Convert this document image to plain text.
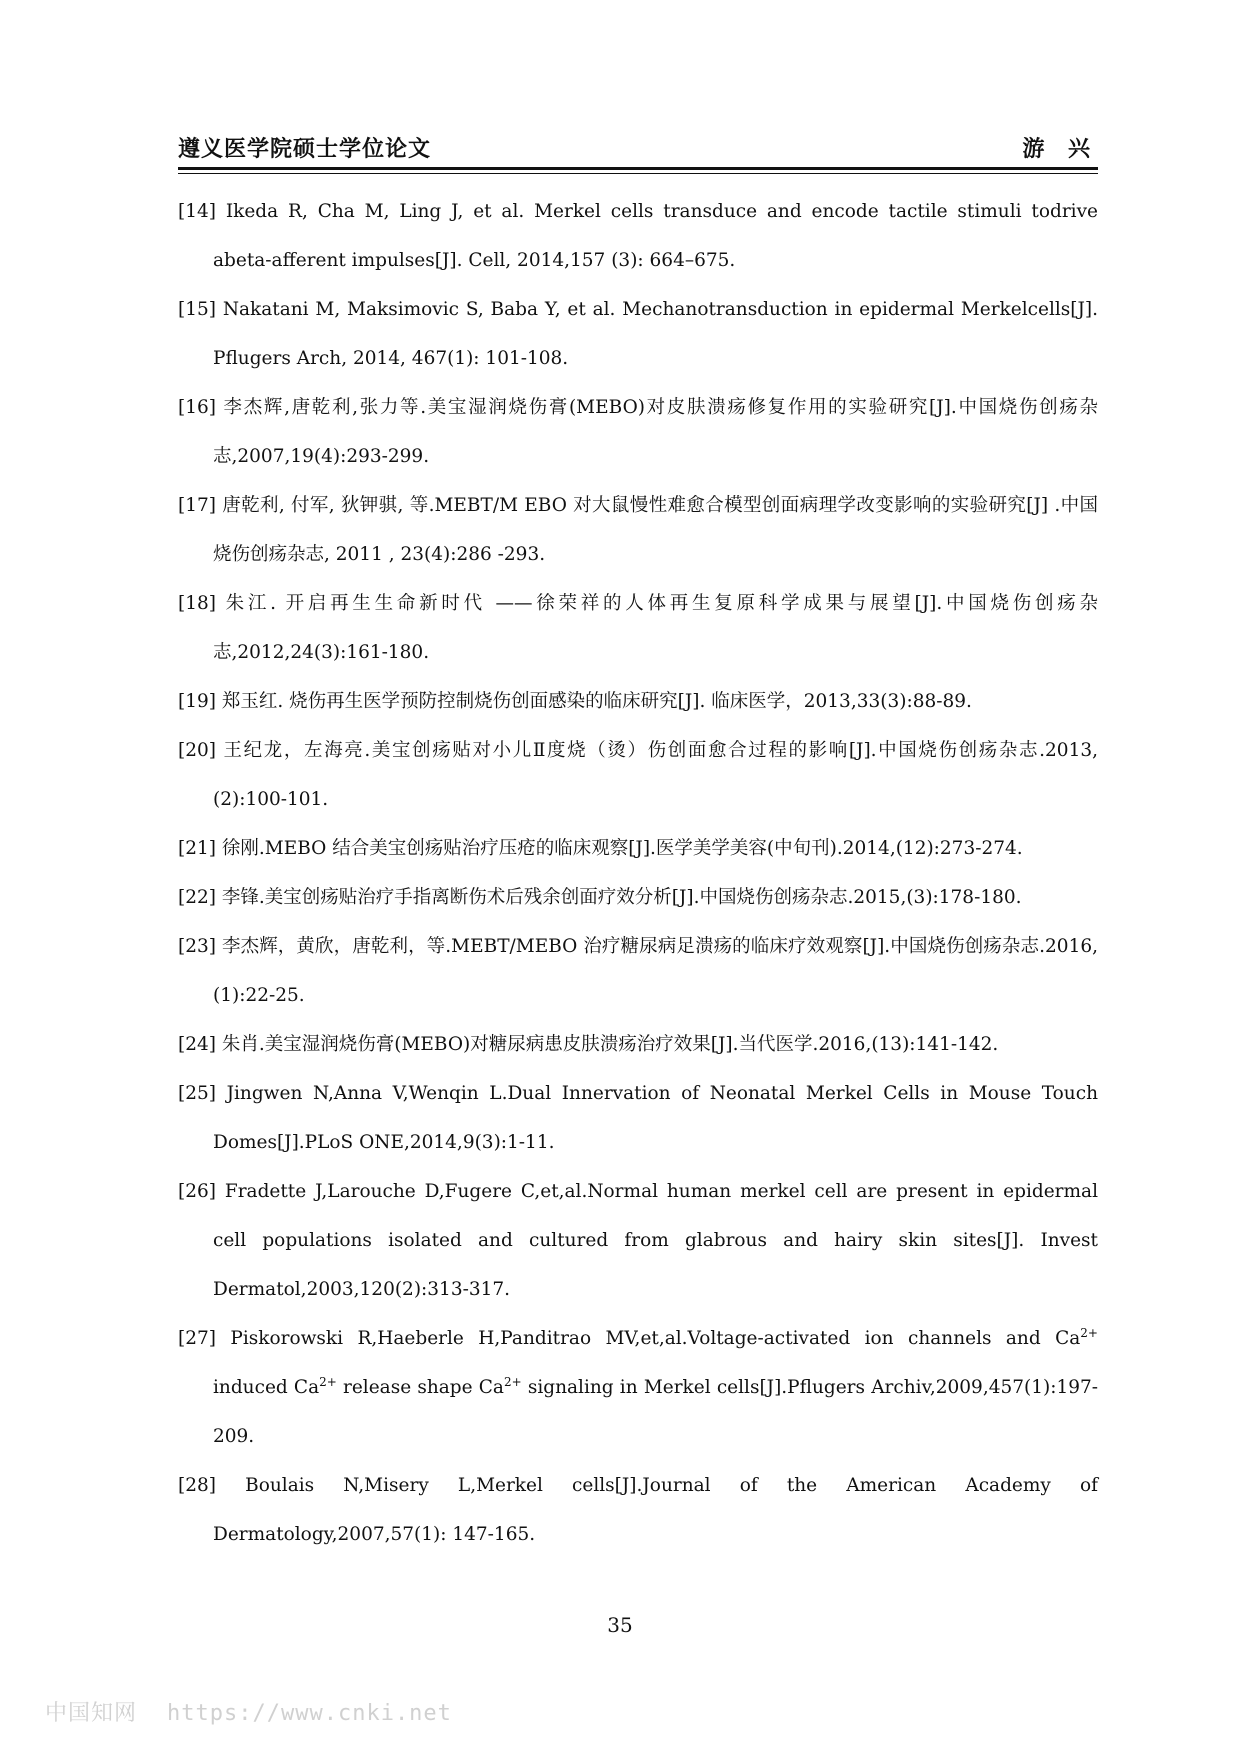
遵义医学院硕士学位论文	游 兴
[14] Ikeda R, Cha M, Ling J, et al. Merkel cells transduce and encode tactile stimuli todrive abeta-afferent impulses[J]. Cell, 2014,157 (3): 664–675.
[15] Nakatani M, Maksimovic S, Baba Y, et al. Mechanotransduction in epidermal Merkelcells[J]. Pflugers Arch, 2014, 467(1): 101-108.
[16] 李杰辉,唐乾利,张力等.美宝湿润烧伤膏(MEBO)对皮肤溃疡修复作用的实验研究[J].中国烧伤创疡杂志,2007,19(4):293-299.
[17] 唐乾利, 付军, 狄钾骐, 等.MEBT/M EBO 对大鼠慢性难愈合模型创面病理学改变影响的实验研究[J] .中国烧伤创疡杂志, 2011 , 23(4):286 -293.
[18] 朱江. 开启再生生命新时代 ——徐荣祥的人体再生复原科学成果与展望[J].中国烧伤创疡杂志,2012,24(3):161-180.
[19] 郑玉红. 烧伤再生医学预防控制烧伤创面感染的临床研究[J]. 临床医学，2013,33(3):88-89.
[20] 王纪龙，左海亮.美宝创疡贴对小儿Ⅱ度烧（烫）伤创面愈合过程的影响[J].中国烧伤创疡杂志.2013,(2):100-101.
[21] 徐刚.MEBO 结合美宝创疡贴治疗压疮的临床观察[J].医学美学美容(中旬刊).2014,(12):273-274.
[22] 李锋.美宝创疡贴治疗手指离断伤术后残余创面疗效分析[J].中国烧伤创疡杂志.2015,(3):178-180.
[23] 李杰辉，黄欣，唐乾利，等.MEBT/MEBO 治疗糖尿病足溃疡的临床疗效观察[J].中国烧伤创疡杂志.2016,(1):22-25.
[24] 朱肖.美宝湿润烧伤膏(MEBO)对糖尿病患皮肤溃疡治疗效果[J].当代医学.2016,(13):141-142.
[25] Jingwen N,Anna V,Wenqin L.Dual Innervation of Neonatal Merkel Cells in Mouse Touch Domes[J].PLoS ONE,2014,9(3):1-11.
[26] Fradette J,Larouche D,Fugere C,et,al.Normal human merkel cell are present in epidermal cell populations isolated and cultured from glabrous and hairy skin sites[J]. Invest Dermatol,2003,120(2):313-317.
[27] Piskorowski R,Haeberle H,Panditrao MV,et,al.Voltage-activated ion channels and $Ca^{2+}$ induced $Ca^{2+}$ release shape $Ca^{2+}$ signaling in Merkel cells[J].Pflugers Archiv,2009,457(1):197-209.
[28] Boulais N,Misery L,Merkel cells[J].Journal of the American Academy of Dermatology,2007,57(1): 147-165.
35
中国知网 https://www.cnki.net
